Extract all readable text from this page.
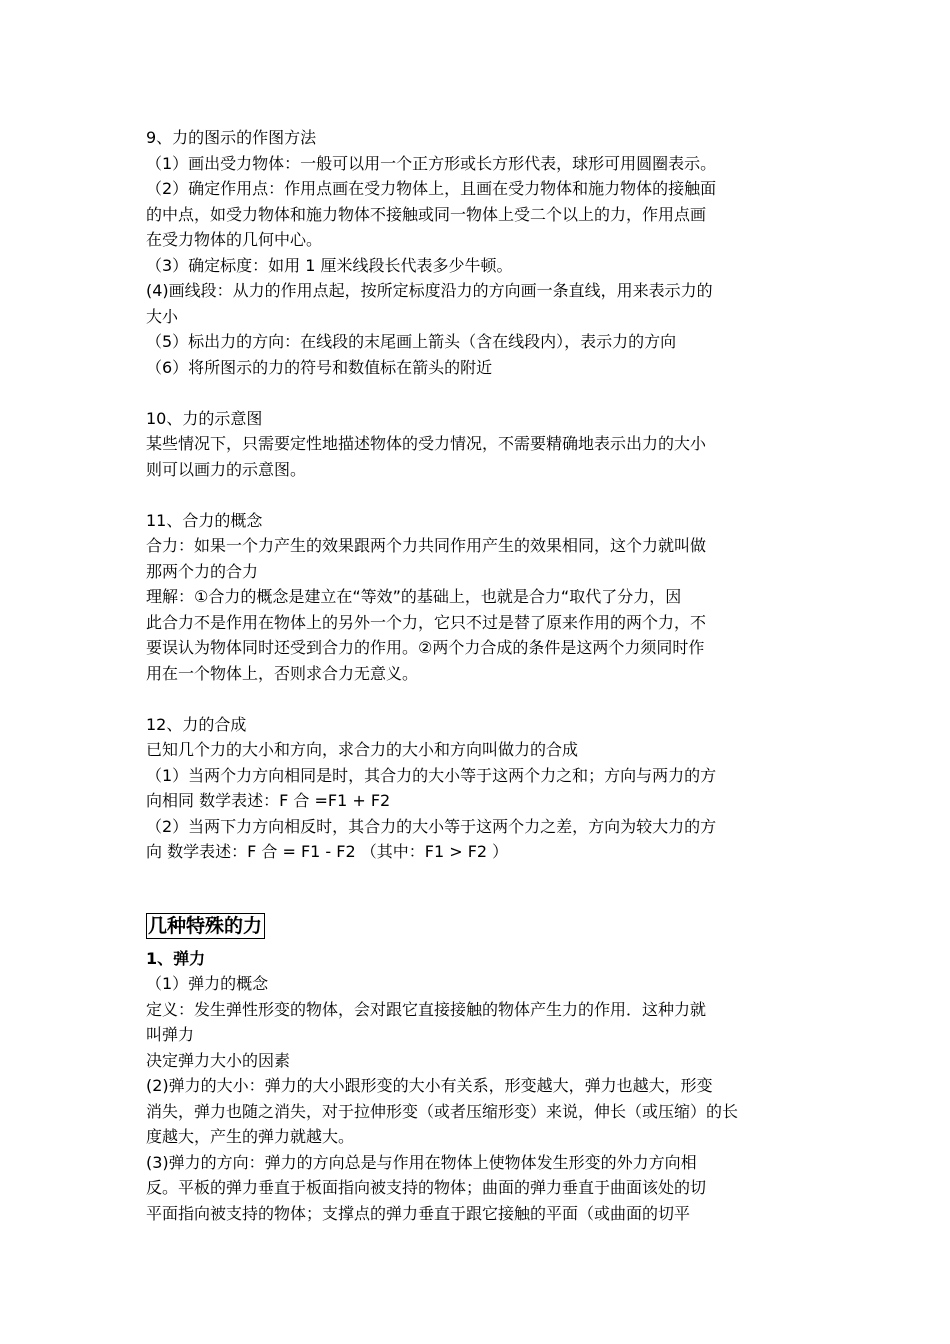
9、力的图示的作图方法
（1）画出受力物体：一般可以用一个正方形或长方形代表，球形可用圆圈表示。
（2）确定作用点：作用点画在受力物体上，且画在受力物体和施力物体的接触面
的中点，如受力物体和施力物体不接触或同一物体上受二个以上的力，作用点画
在受力物体的几何中心。
（3）确定标度：如用 1 厘米线段长代表多少牛顿。
(4)画线段：从力的作用点起，按所定标度沿力的方向画一条直线，用来表示力的
大小
（5）标出力的方向：在线段的末尾画上箭头（含在线段内），表示力的方向
（6）将所图示的力的符号和数值标在箭头的附近
10、力的示意图
某些情况下，只需要定性地描述物体的受力情况，不需要精确地表示出力的大小
则可以画力的示意图。
11、合力的概念
合力：如果一个力产生的效果跟两个力共同作用产生的效果相同，这个力就叫做
那两个力的合力
理解：①合力的概念是建立在“等效”的基础上，也就是合力“取代了分力，因
此合力不是作用在物体上的另外一个力，它只不过是替了原来作用的两个力，不
要误认为物体同时还受到合力的作用。②两个力合成的条件是这两个力须同时作
用在一个物体上，否则求合力无意义。
12、力的合成
已知几个力的大小和方向，求合力的大小和方向叫做力的合成
（1）当两个力方向相同是时，其合力的大小等于这两个力之和；方向与两力的方
向相同 数学表述：F 合 =F1 + F2
（2）当两下力方向相反时，其合力的大小等于这两个力之差，方向为较大力的方
向 数学表述：F 合 = F1 - F2 （其中：F1 > F2 ）
几种特殊的力
1、弹力
（1）弹力的概念
定义：发生弹性形变的物体，会对跟它直接接触的物体产生力的作用．这种力就
叫弹力
决定弹力大小的因素
(2)弹力的大小：弹力的大小跟形变的大小有关系，形变越大，弹力也越大，形变
消失，弹力也随之消失，对于拉伸形变（或者压缩形变）来说，伸长（或压缩）的长
度越大，产生的弹力就越大。
(3)弹力的方向：弹力的方向总是与作用在物体上使物体发生形变的外力方向相
反。平板的弹力垂直于板面指向被支持的物体；曲面的弹力垂直于曲面该处的切
平面指向被支持的物体；支撑点的弹力垂直于跟它接触的平面（或曲面的切平
